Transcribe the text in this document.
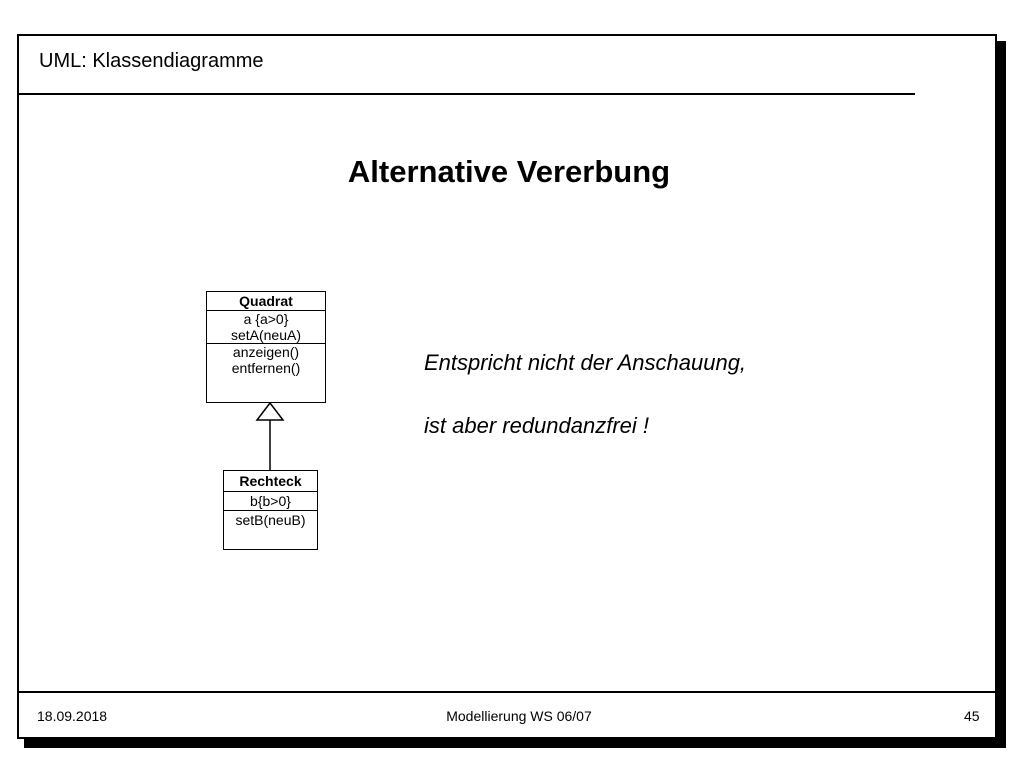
UML: Klassendiagramme
Alternative Vererbung
Quadrat
a {a>0}
setA(neuA)
anzeigen()
entfernen()
Rechteck
b{b>0}
setB(neuB)
Entspricht nicht der Anschauung,
ist aber redundanzfrei !
18.09.2018	Modellierung WS 06/07	45
